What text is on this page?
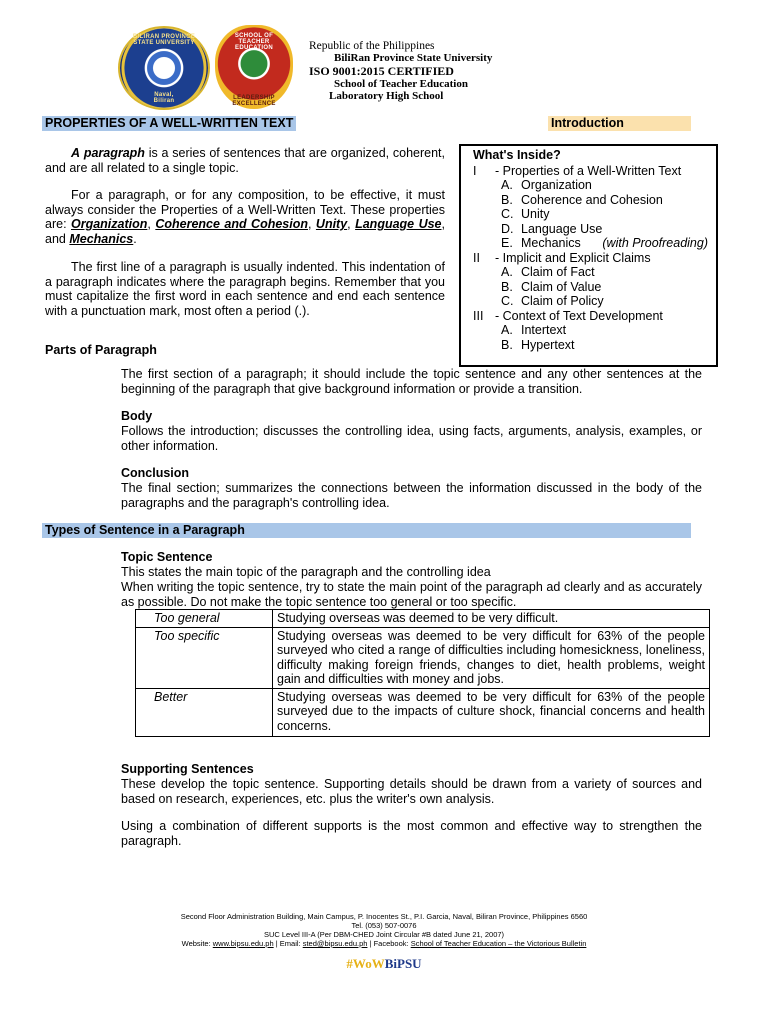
BILIRAN PROVINCE STATE UNIVERSITY
Naval, Biliran
SCHOOL OF TEACHER EDUCATION
LEADERSHIP EXCELLENCE
Republic of the Philippines
BiliRan Province State University
ISO 9001:2015 CERTIFIED
School of Teacher Education
Laboratory High School
PROPERTIES OF A WELL-WRITTEN TEXT	Introduction

A paragraph is a series of sentences that are organized, coherent, and are all related to a single topic.

For a paragraph, or for any composition, to be effective, it must always consider the Properties of a Well-Written Text. These properties are: Organization, Coherence and Cohesion, Unity, Language Use, and Mechanics.

The first line of a paragraph is usually indented. This indentation of a paragraph indicates where the paragraph begins. Remember that you must capitalize the first word in each sentence and end each sentence with a punctuation mark, most often a period (.).

What's Inside?
I	- Properties of a Well-Written Text
A. Organization
B. Coherence and Cohesion
C. Unity
D. Language Use
E. Mechanics	(with Proofreading)
II	- Implicit and Explicit Claims
A. Claim of Fact
B. Claim of Value
C. Claim of Policy
III - Context of Text Development
A. Intertext
B. Hypertext
Parts of Paragraph
The first section of a paragraph; it should include the topic sentence and any other sentences at the beginning of the paragraph that give background information or provide a transition.
Body
Follows the introduction; discusses the controlling idea, using facts, arguments, analysis, examples, or other information.
Conclusion
The final section; summarizes the connections between the information discussed in the body of the paragraphs and the paragraph's controlling idea.
Types of Sentence in a Paragraph
Topic Sentence
This states the main topic of the paragraph and the controlling idea
When writing the topic sentence, try to state the main point of the paragraph ad clearly and as accurately as possible. Do not make the topic sentence too general or too specific.
Too general	Studying overseas was deemed to be very difficult.
Too specific	Studying overseas was deemed to be very difficult for 63% of the people surveyed who cited a range of difficulties including homesickness, loneliness, difficulty making foreign friends, changes to diet, health problems, weight gain and difficulties with money and jobs.
Better	Studying overseas was deemed to be very difficult for 63% of the people surveyed due to the impacts of culture shock, financial concerns and health concerns.
Supporting Sentences
These develop the topic sentence. Supporting details should be drawn from a variety of sources and based on research, experiences, etc. plus the writer's own analysis.
Using a combination of different supports is the most common and effective way to strengthen the paragraph.
Second Floor Administration Building, Main Campus, P. Inocentes St., P.I. Garcia, Naval, Biliran Province, Philippines 6560
Tel. (053) 507-0076
SUC Level III-A (Per DBM-CHED Joint Circular #B dated June 21, 2007)
Website: www.bipsu.edu.ph | Email: sted@bipsu.edu.ph | Facebook: School of Teacher Education – the Victorious Bulletin
#WoWBiPSU
